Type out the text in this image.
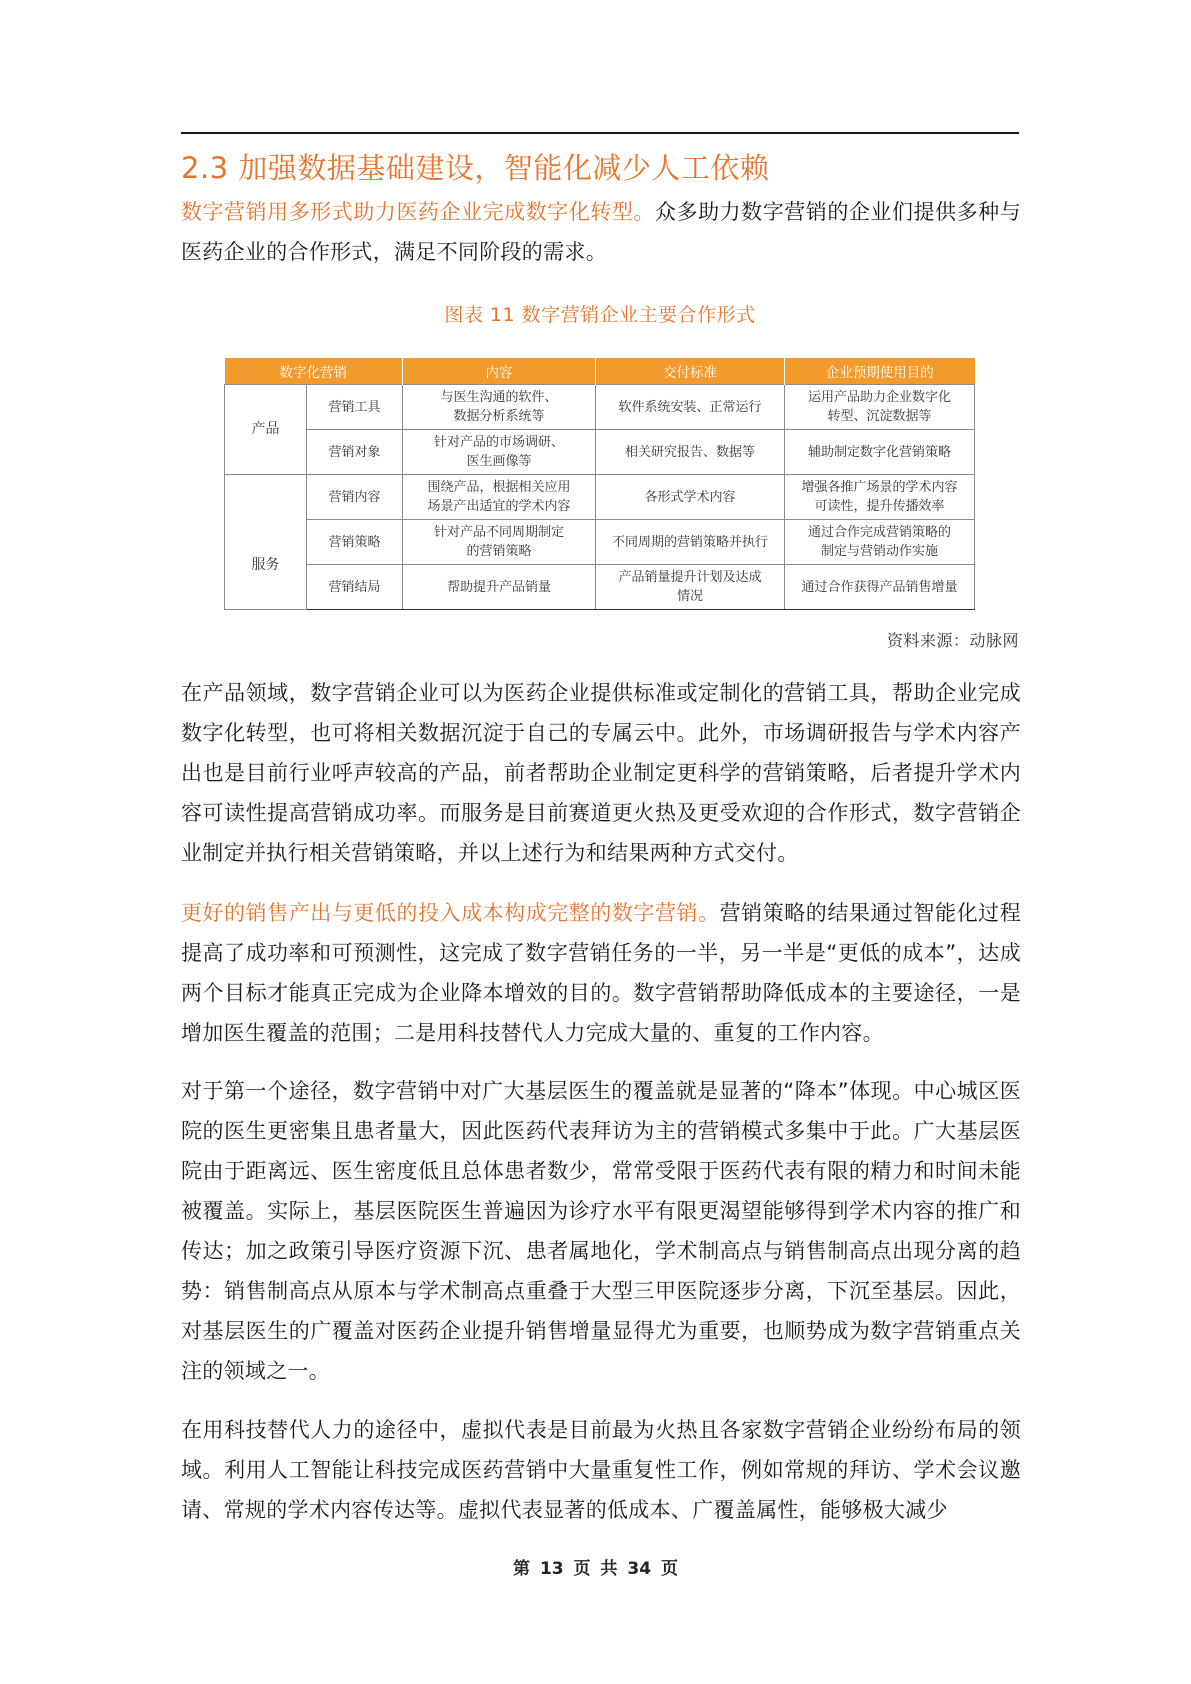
2.3 加强数据基础建设，智能化减少人工依赖

数字营销用多形式助力医药企业完成数字化转型。众多助力数字营销的企业们提供多种与医药企业的合作形式，满足不同阶段的需求。

图表 11 数字营销企业主要合作形式

数字化营销		内容	交付标准	企业预期使用目的
产品	营销工具	与医生沟通的软件、
数据分析系统等	软件系统安装、正常运行	运用产品助力企业数字化
转型、沉淀数据等

	营销对象	针对产品的市场调研、
医生画像等	相关研究报告、数据等	辅助制定数字化营销策略

服务	营销内容	围绕产品，根据相关应用
场景产出适宜的学术内容	各形式学术内容	增强各推广场景的学术内容
可读性，提升传播效率

	营销策略	针对产品不同周期制定
的营销策略	不同周期的营销策略并执行	通过合作完成营销策略的
制定与营销动作实施

	营销结局	帮助提升产品销量	产品销量提升计划及达成
情况	通过合作获得产品销售增量

资料来源：动脉网

在产品领域，数字营销企业可以为医药企业提供标准或定制化的营销工具，帮助企业完成数字化转型，也可将相关数据沉淀于自己的专属云中。此外，市场调研报告与学术内容产出也是目前行业呼声较高的产品，前者帮助企业制定更科学的营销策略，后者提升学术内容可读性提高营销成功率。而服务是目前赛道更火热及更受欢迎的合作形式，数字营销企业制定并执行相关营销策略，并以上述行为和结果两种方式交付。

更好的销售产出与更低的投入成本构成完整的数字营销。营销策略的结果通过智能化过程提高了成功率和可预测性，这完成了数字营销任务的一半，另一半是“更低的成本”，达成两个目标才能真正完成为企业降本增效的目的。数字营销帮助降低成本的主要途径，一是增加医生覆盖的范围；二是用科技替代人力完成大量的、重复的工作内容。

对于第一个途径，数字营销中对广大基层医生的覆盖就是显著的“降本”体现。中心城区医院的医生更密集且患者量大，因此医药代表拜访为主的营销模式多集中于此。广大基层医院由于距离远、医生密度低且总体患者数少，常常受限于医药代表有限的精力和时间未能被覆盖。实际上，基层医院医生普遍因为诊疗水平有限更渴望能够得到学术内容的推广和传达；加之政策引导医疗资源下沉、患者属地化，学术制高点与销售制高点出现分离的趋势：销售制高点从原本与学术制高点重叠于大型三甲医院逐步分离，下沉至基层。因此，对基层医生的广覆盖对医药企业提升销售增量显得尤为重要，也顺势成为数字营销重点关注的领域之一。

在用科技替代人力的途径中，虚拟代表是目前最为火热且各家数字营销企业纷纷布局的领域。利用人工智能让科技完成医药营销中大量重复性工作，例如常规的拜访、学术会议邀请、常规的学术内容传达等。虚拟代表显著的低成本、广覆盖属性，能够极大减少

第 13 页 共 34 页
